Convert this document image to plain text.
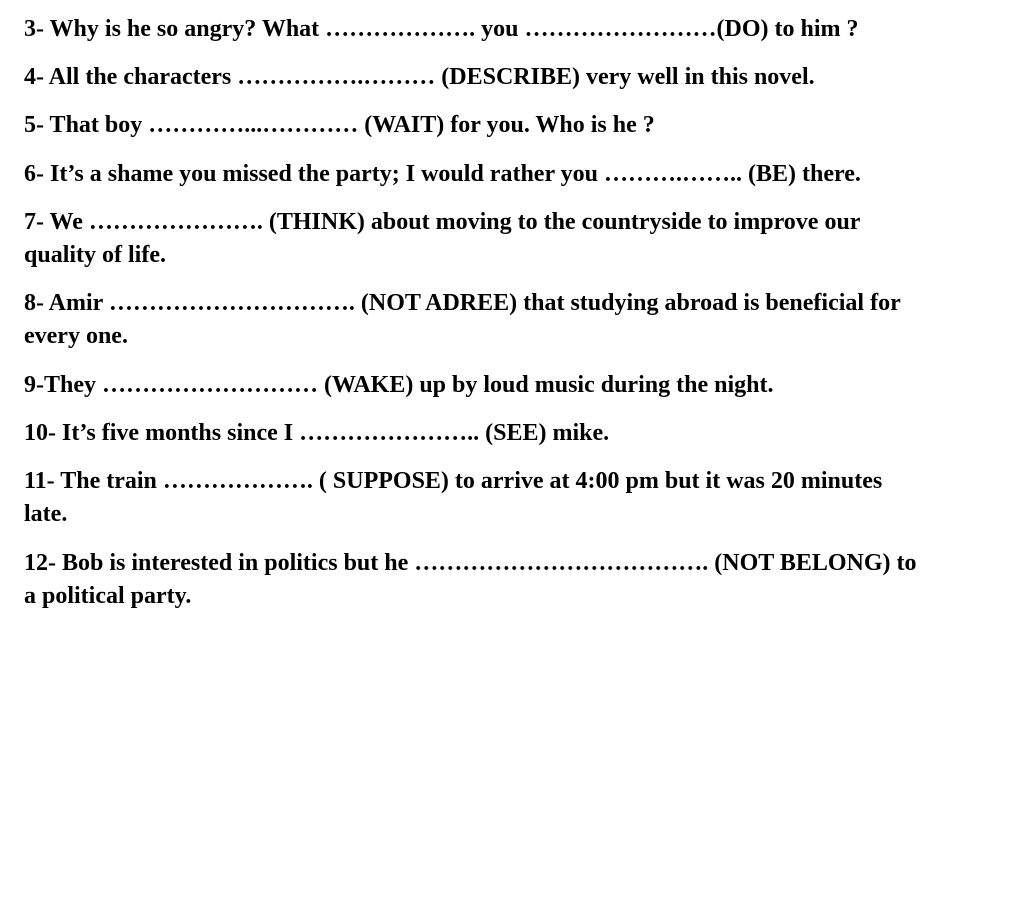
3- Why is he so angry? What ………………. you ……………………(DO) to him ?
4- All the characters …………….……… (DESCRIBE) very well in this novel.
5- That boy …………...………… (WAIT) for you. Who is he ?
6- It’s a shame you missed the party; I would rather you ……….…….. (BE) there.
7- We …………………. (THINK) about moving to the countryside to improve our
quality of life.
8- Amir …………………………. (NOT ADREE) that studying abroad is beneficial for
every one.
9-They ……………………… (WAKE) up by loud music during the night.
10- It’s five months since I ………………….. (SEE) mike.
11- The train ………………. ( SUPPOSE) to arrive at 4:00 pm but it was 20 minutes
late.
12- Bob is interested in politics but he ………………………………. (NOT BELONG) to
a political party.
